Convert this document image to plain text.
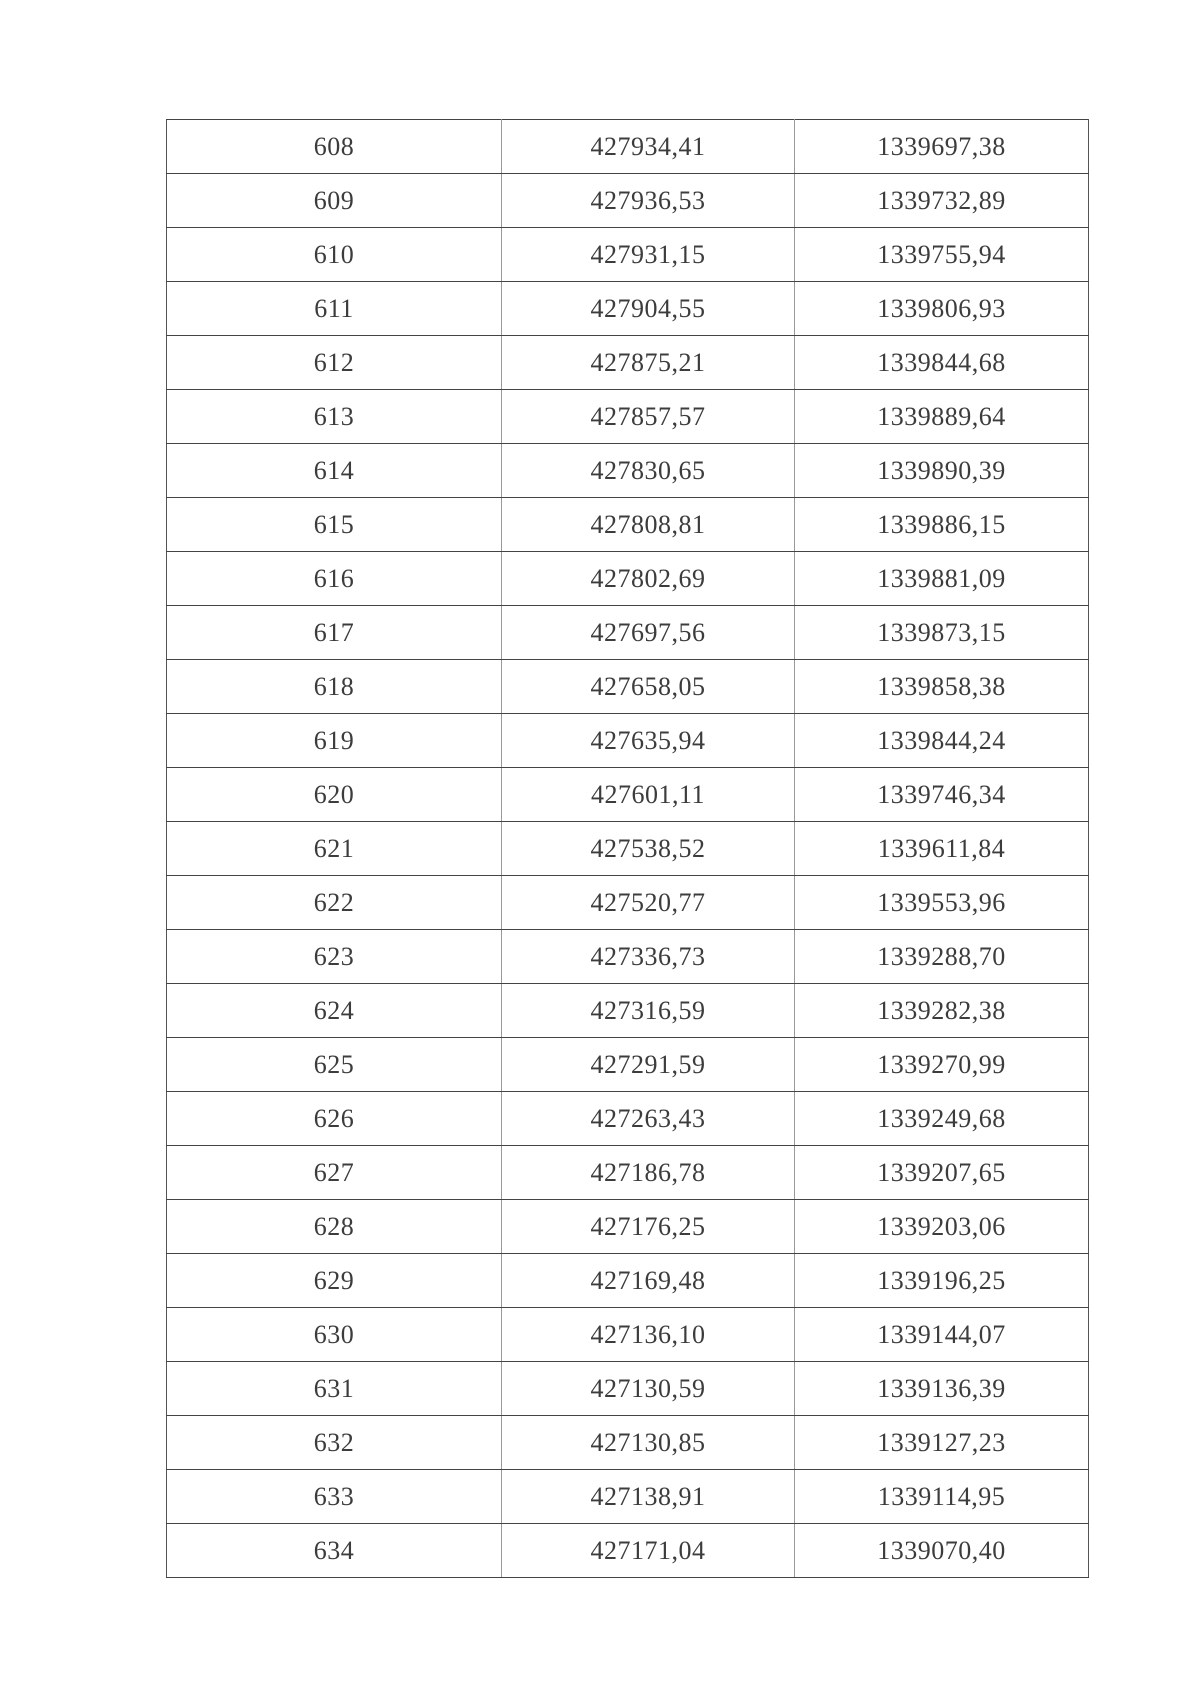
608	427934,41	1339697,38
609	427936,53	1339732,89
610	427931,15	1339755,94
611	427904,55	1339806,93
612	427875,21	1339844,68
613	427857,57	1339889,64
614	427830,65	1339890,39
615	427808,81	1339886,15
616	427802,69	1339881,09
617	427697,56	1339873,15
618	427658,05	1339858,38
619	427635,94	1339844,24
620	427601,11	1339746,34
621	427538,52	1339611,84
622	427520,77	1339553,96
623	427336,73	1339288,70
624	427316,59	1339282,38
625	427291,59	1339270,99
626	427263,43	1339249,68
627	427186,78	1339207,65
628	427176,25	1339203,06
629	427169,48	1339196,25
630	427136,10	1339144,07
631	427130,59	1339136,39
632	427130,85	1339127,23
633	427138,91	1339114,95
634	427171,04	1339070,40
